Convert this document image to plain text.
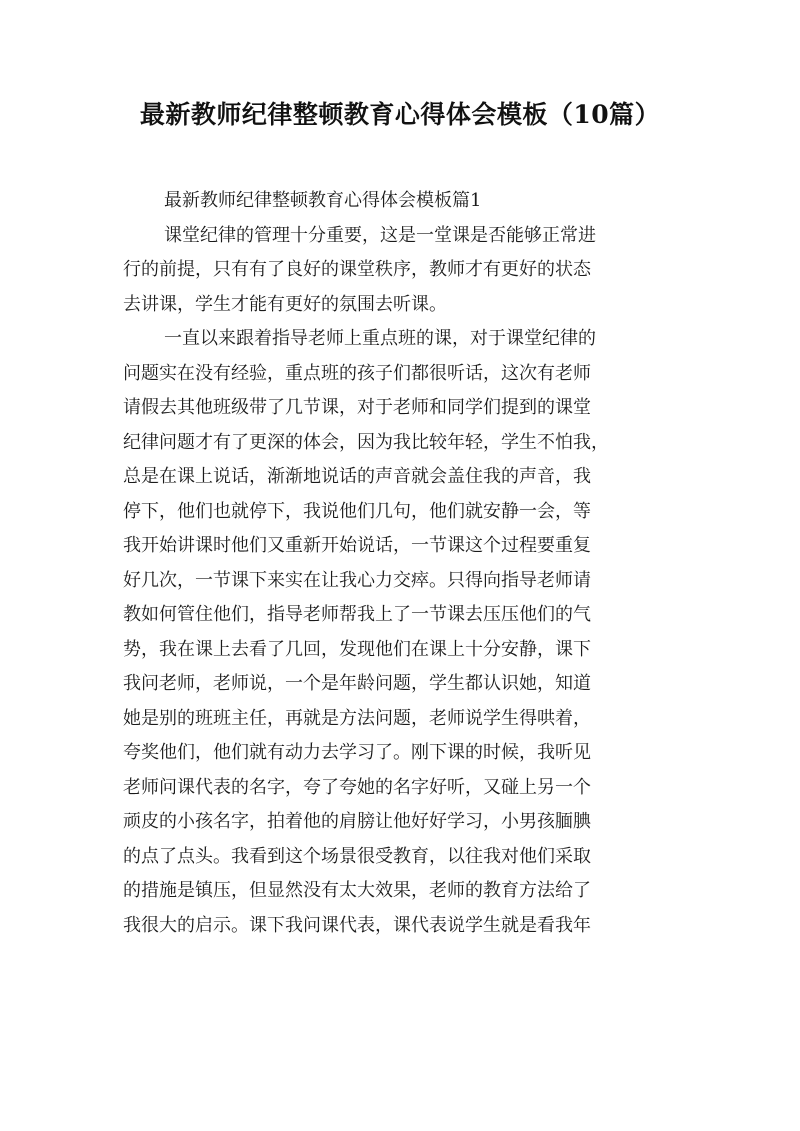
最新教师纪律整顿教育心得体会模板（10篇）
最新教师纪律整顿教育心得体会模板篇1
课堂纪律的管理十分重要，这是一堂课是否能够正常进
行的前提，只有有了良好的课堂秩序，教师才有更好的状态
去讲课，学生才能有更好的氛围去听课。
一直以来跟着指导老师上重点班的课，对于课堂纪律的
问题实在没有经验，重点班的孩子们都很听话，这次有老师
请假去其他班级带了几节课，对于老师和同学们提到的课堂
纪律问题才有了更深的体会，因为我比较年轻，学生不怕我，
总是在课上说话，渐渐地说话的声音就会盖住我的声音，我
停下，他们也就停下，我说他们几句，他们就安静一会，等
我开始讲课时他们又重新开始说话，一节课这个过程要重复
好几次，一节课下来实在让我心力交瘁。只得向指导老师请
教如何管住他们，指导老师帮我上了一节课去压压他们的气
势，我在课上去看了几回，发现他们在课上十分安静，课下
我问老师，老师说，一个是年龄问题，学生都认识她，知道
她是别的班班主任，再就是方法问题，老师说学生得哄着，
夸奖他们，他们就有动力去学习了。刚下课的时候，我听见
老师问课代表的名字，夸了夸她的名字好听，又碰上另一个
顽皮的小孩名字，拍着他的肩膀让他好好学习，小男孩腼腆
的点了点头。我看到这个场景很受教育，以往我对他们采取
的措施是镇压，但显然没有太大效果，老师的教育方法给了
我很大的启示。课下我问课代表，课代表说学生就是看我年
